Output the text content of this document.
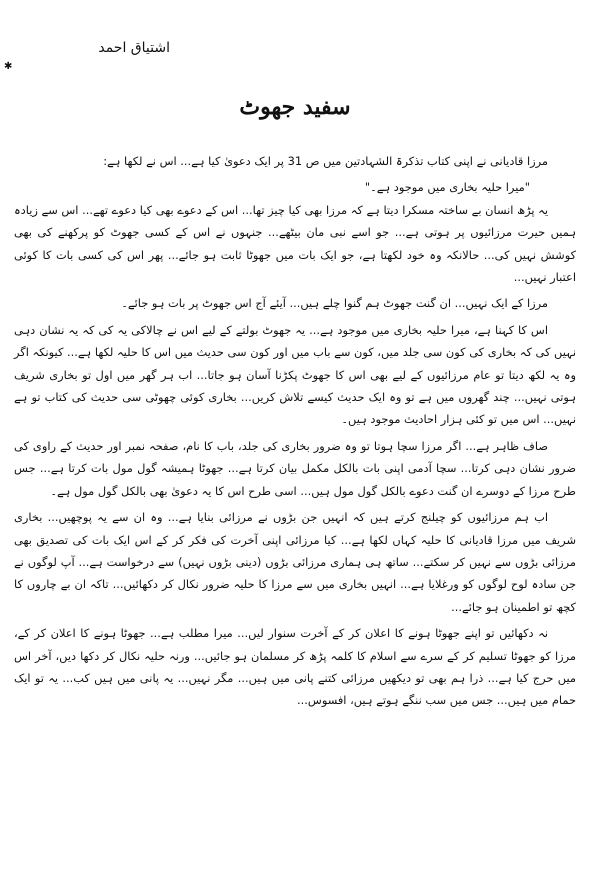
اشتیاق احمد
✱
سفید جھوٹ

مرزا قادیانی نے اپنی کتاب تذکرۃ الشہادتین میں ص 31 پر ایک دعویٰ کیا ہے... اس نے لکھا ہے:

"میرا حلیہ بخاری میں موجود ہے۔"

یہ پڑھ انسان بے ساختہ مسکرا دیتا ہے کہ مرزا بھی کیا چیز تھا... اس کے دعوے بھی کیا دعوے تھے... اس سے زیادہ ہمیں حیرت مرزائیوں پر ہوتی ہے... جو اسے نبی مان بیٹھے... جنہوں نے اس کے کسی جھوٹ کو پرکھنے کی بھی کوشش نہیں کی... حالانکہ وہ خود لکھتا ہے، جو ایک بات میں جھوٹا ثابت ہو جائے... پھر اس کی کسی بات کا کوئی اعتبار نہیں...

مرزا کے ایک نہیں... ان گنت جھوٹ ہم گنوا چلے ہیں... آیئے آج اس جھوٹ پر بات ہو جائے۔

اس کا کہنا ہے، میرا حلیہ بخاری میں موجود ہے... یہ جھوٹ بولتے کے لیے اس نے چالاکی یہ کی کہ یہ نشان دہی نہیں کی کہ بخاری کی کون سی جلد میں، کون سے باب میں اور کون سی حدیث میں اس کا حلیہ لکھا ہے... کیونکہ اگر وہ یہ لکھ دیتا تو عام مرزائیوں کے لیے بھی اس کا جھوٹ پکڑنا آسان ہو جاتا... اب ہر گھر میں اول تو بخاری شریف ہوتی نہیں... چند گھروں میں ہے تو وہ ایک حدیث کیسے تلاش کریں... بخاری کوئی چھوٹی سی حدیث کی کتاب تو ہے نہیں... اس میں تو کئی ہزار احادیث موجود ہیں۔

صاف ظاہر ہے... اگر مرزا سچا ہوتا تو وہ ضرور بخاری کی جلد، باب کا نام، صفحہ نمبر اور حدیث کے راوی کی ضرور نشان دہی کرتا... سچا آدمی اپنی بات بالکل مکمل بیان کرتا ہے... جھوٹا ہمیشہ گول مول بات کرتا ہے... جس طرح مرزا کے دوسرے ان گنت دعوے بالکل گول مول ہیں... اسی طرح اس کا یہ دعویٰ بھی بالکل گول مول ہے۔

اب ہم مرزائیوں کو چیلنج کرتے ہیں کہ انہیں جن بڑوں نے مرزائی بنایا ہے... وہ ان سے یہ پوچھیں... بخاری شریف میں مرزا قادیانی کا حلیہ کہاں لکھا ہے... کیا مرزائی اپنی آخرت کی فکر کر کے اس ایک بات کی تصدیق بھی مرزائی بڑوں سے نہیں کر سکتے... ساتھ ہی ہماری مرزائی بڑوں (دینی بڑوں نہیں) سے درخواست ہے... آپ لوگوں نے جن سادہ لوح لوگوں کو ورغلایا ہے... انہیں بخاری میں سے مرزا کا حلیہ ضرور نکال کر دکھائیں... تاکہ ان بے چاروں کا کچھ تو اطمینان ہو جائے...

نہ دکھائیں تو اپنے جھوٹا ہونے کا اعلان کر کے آخرت سنوار لیں... میرا مطلب ہے... جھوٹا ہونے کا اعلان کر کے، مرزا کو جھوٹا تسلیم کر کے سرے سے اسلام کا کلمہ پڑھ کر مسلمان ہو جائیں... ورنہ حلیہ نکال کر دکھا دیں، آخر اس میں حرج کیا ہے... ذرا ہم بھی تو دیکھیں مرزائی کتنے پانی میں ہیں... مگر نہیں... یہ پانی میں ہیں کب... یہ تو ایک حمام میں ہیں... جس میں سب ننگے ہوتے ہیں، افسوس...
